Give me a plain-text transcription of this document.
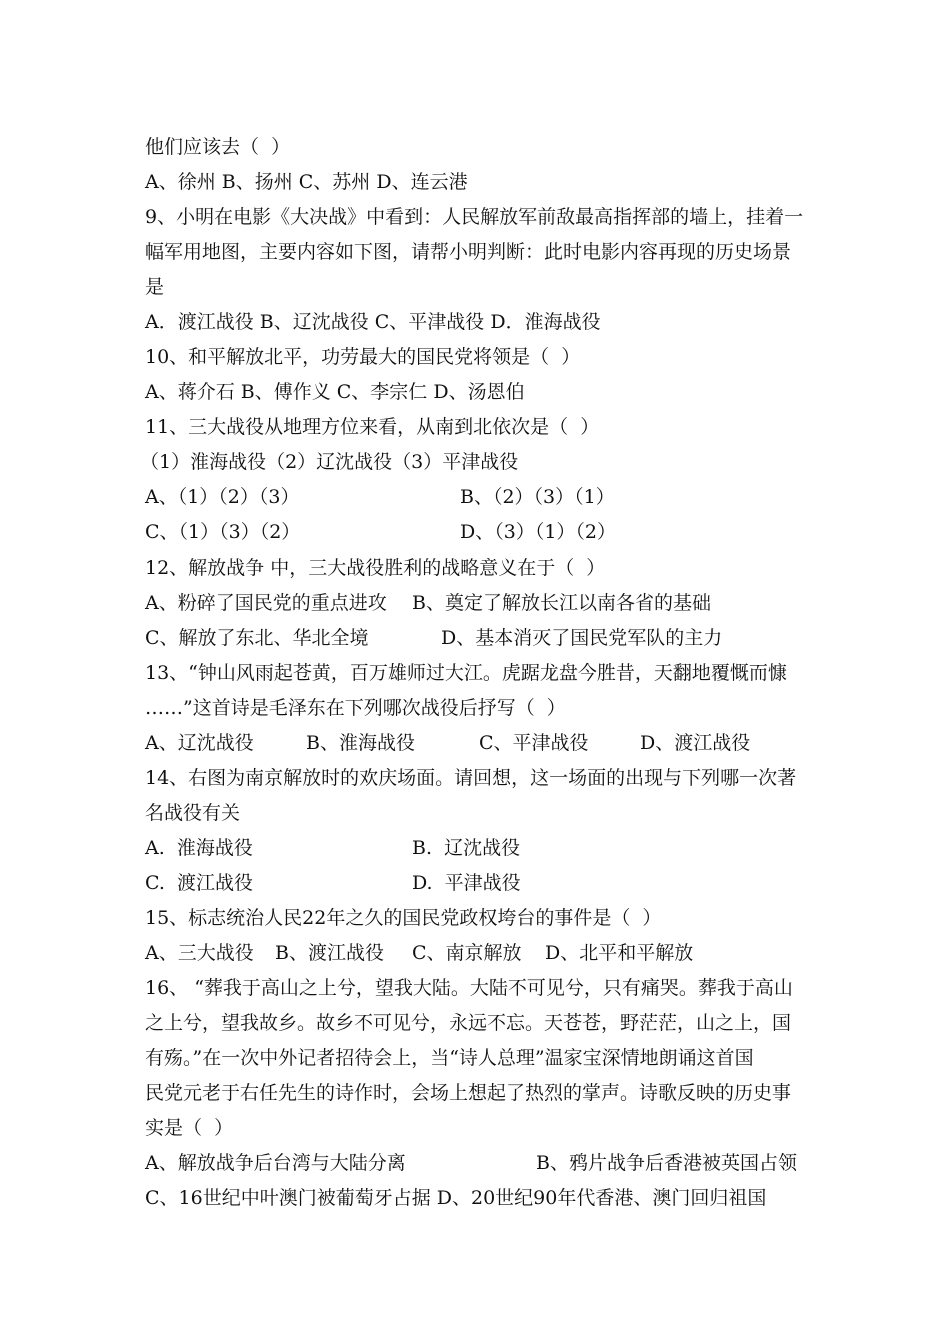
他们应该去（  ）
A、徐州 B、扬州 C、苏州 D、连云港
9、小明在电影《大决战》中看到：人民解放军前敌最高指挥部的墙上，挂着一
幅军用地图，主要内容如下图，请帮小明判断：此时电影内容再现的历史场景
是
A．渡江战役 B、辽沈战役 C、平津战役 D．淮海战役
10、和平解放北平，功劳最大的国民党将领是（  ）
A、蒋介石 B、傅作义 C、李宗仁 D、汤恩伯
11、三大战役从地理方位来看，从南到北依次是（  ）
（1）淮海战役（2）辽沈战役（3）平津战役
A、（1）（2）（3）	B、（2）（3）（1）
C、（1）（3）（2）	D、（3）（1）（2）
12、解放战争 中，三大战役胜利的战略意义在于（  ）
A、粉碎了国民党的重点进攻 B、奠定了解放长江以南各省的基础
C、解放了东北、华北全境	D、基本消灭了国民党军队的主力
13、“钟山风雨起苍黄，百万雄师过大江。虎踞龙盘今胜昔，天翻地覆慨而慷
……”这首诗是毛泽东在下列哪次战役后抒写（  ）
A、辽沈战役	B、淮海战役	C、平津战役	D、渡江战役
14、右图为南京解放时的欢庆场面。请回想，这一场面的出现与下列哪一次著
名战役有关
A.  淮海战役	B.  辽沈战役
C.  渡江战役	D.  平津战役
15、标志统治人民22年之久的国民党政权垮台的事件是（  ）
A、三大战役 B、渡江战役 C、南京解放 D、北平和平解放
16、 “葬我于高山之上兮，望我大陆。大陆不可见兮，只有痛哭。葬我于高山
之上兮，望我故乡。故乡不可见兮，永远不忘。天苍苍，野茫茫，山之上，国
有殇。”在一次中外记者招待会上，当“诗人总理”温家宝深情地朗诵这首国
民党元老于右任先生的诗作时，会场上想起了热烈的掌声。诗歌反映的历史事
实是（  ）
A、解放战争后台湾与大陆分离	B、鸦片战争后香港被英国占领
C、16世纪中叶澳门被葡萄牙占据 D、20世纪90年代香港、澳门回归祖国
